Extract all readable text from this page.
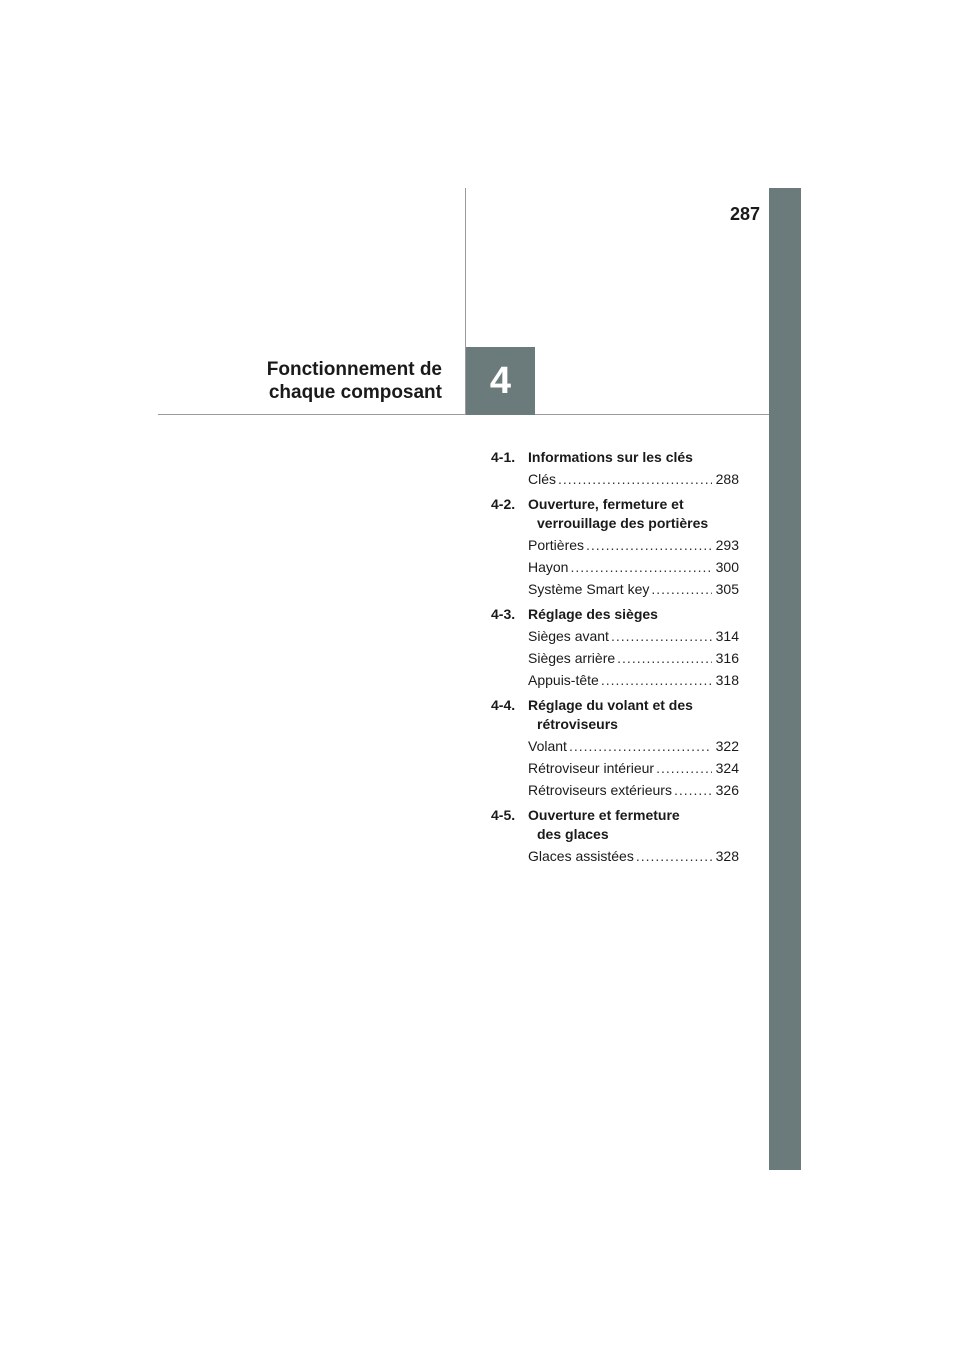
287
4
Fonctionnement de
chaque composant
4-1. Informations sur les clés
Clés .....	288
4-2. Ouverture, fermeture et
verrouillage des portières
Portières .....	293
Hayon .....	300
Système Smart key .....	305
4-3. Réglage des sièges
Sièges avant .....	314
Sièges arrière .....	316
Appuis-tête .....	318
4-4. Réglage du volant et des
rétroviseurs
Volant .....	322
Rétroviseur intérieur .....	324
Rétroviseurs extérieurs .....	326
4-5. Ouverture et fermeture
des glaces
Glaces assistées .....	328
